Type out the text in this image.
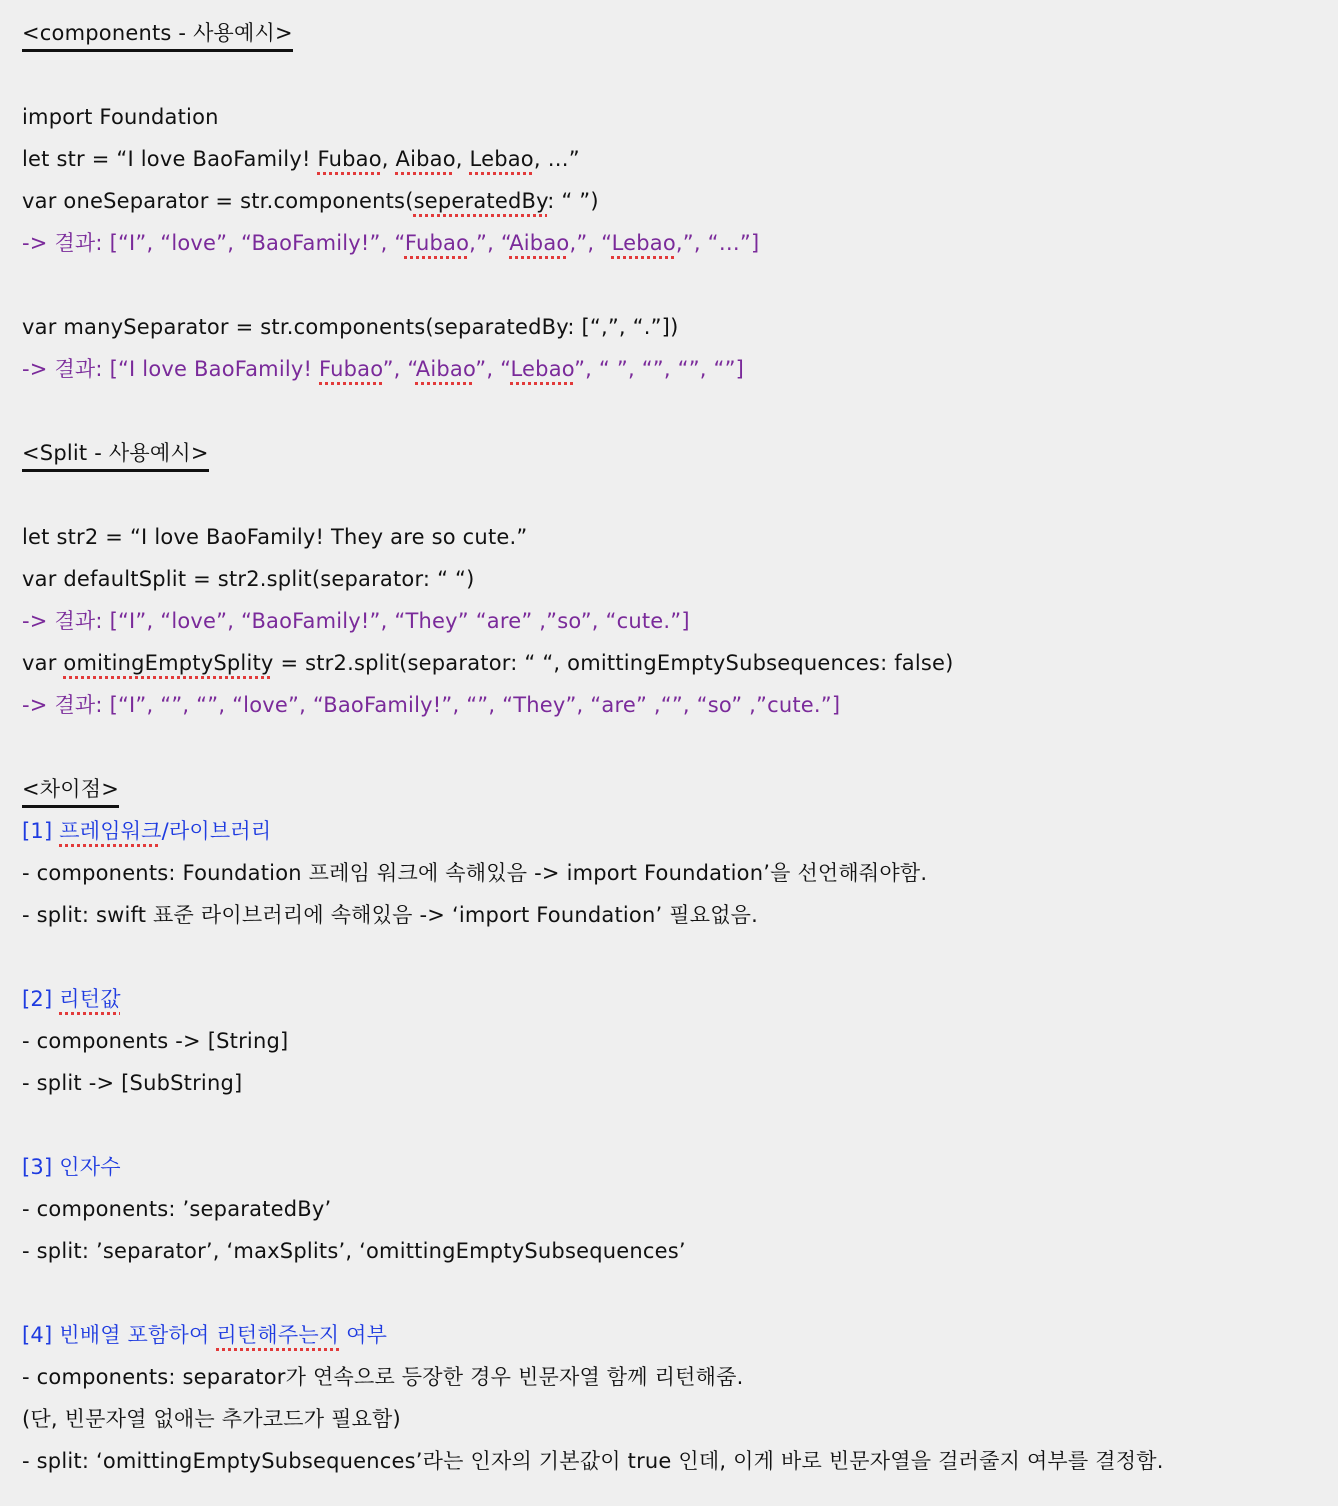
<components - 사용예시>
import Foundation
let str = “I love BaoFamily! Fubao, Aibao, Lebao, …”
var oneSeparator = str.components(seperatedBy: “ ”)
-> 결과: [“I”, “love”, “BaoFamily!”, “Fubao,”, “Aibao,”, “Lebao,”, “…”]
var manySeparator = str.components(separatedBy: [“,”, “.”])
-> 결과: [“I love BaoFamily! Fubao”, “Aibao”, “Lebao”, “ ”, “”, “”, “”]
<Split - 사용예시>
let str2 = “I love BaoFamily! They are so cute.”
var defaultSplit = str2.split(separator: “ “)
-> 결과: [“I”, “love”, “BaoFamily!”, “They” “are” ,”so”, “cute.”]
var omitingEmptySplity = str2.split(separator: “ “, omittingEmptySubsequences: false)
-> 결과: [“I”, “”, “”, “love”, “BaoFamily!”, “”, “They”, “are” ,“”, “so” ,”cute.”]
<차이점>
[1] 프레임워크/라이브러리
- components: Foundation 프레임 워크에 속해있음 -> import Foundation’을 선언해줘야함.
- split: swift 표준 라이브러리에 속해있음 -> ‘import Foundation’ 필요없음.
[2] 리턴값
- components -> [String]
- split -> [SubString]
[3] 인자수
- components: ’separatedBy’
- split: ’separator’, ‘maxSplits’, ‘omittingEmptySubsequences’
[4] 빈배열 포함하여 리턴해주는지 여부
- components: separator가 연속으로 등장한 경우 빈문자열 함께 리턴해줌.
(단, 빈문자열 없애는 추가코드가 필요함)
- split: ‘omittingEmptySubsequences’라는 인자의 기본값이 true 인데, 이게 바로 빈문자열을 걸러줄지 여부를 결정함.
